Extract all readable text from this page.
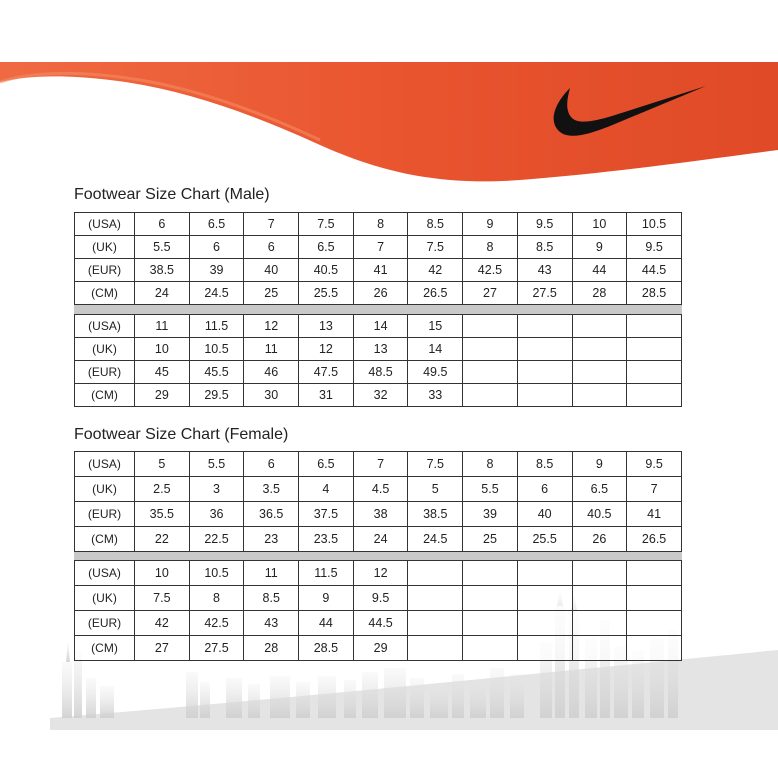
Footwear Size Chart (Male)
(USA)	6	6.5	7	7.5	8	8.5	9	9.5	10	10.5
(UK)	5.5	6	6	6.5	7	7.5	8	8.5	9	9.5
(EUR)	38.5	39	40	40.5	41	42	42.5	43	44	44.5
(CM)	24	24.5	25	25.5	26	26.5	27	27.5	28	28.5

(USA)	11	11.5	12	13	14	15				
(UK)	10	10.5	11	12	13	14				
(EUR)	45	45.5	46	47.5	48.5	49.5				
(CM)	29	29.5	30	31	32	33				
Footwear Size Chart (Female)
(USA)	5	5.5	6	6.5	7	7.5	8	8.5	9	9.5
(UK)	2.5	3	3.5	4	4.5	5	5.5	6	6.5	7
(EUR)	35.5	36	36.5	37.5	38	38.5	39	40	40.5	41
(CM)	22	22.5	23	23.5	24	24.5	25	25.5	26	26.5

(USA)	10	10.5	11	11.5	12					
(UK)	7.5	8	8.5	9	9.5					
(EUR)	42	42.5	43	44	44.5					
(CM)	27	27.5	28	28.5	29					
